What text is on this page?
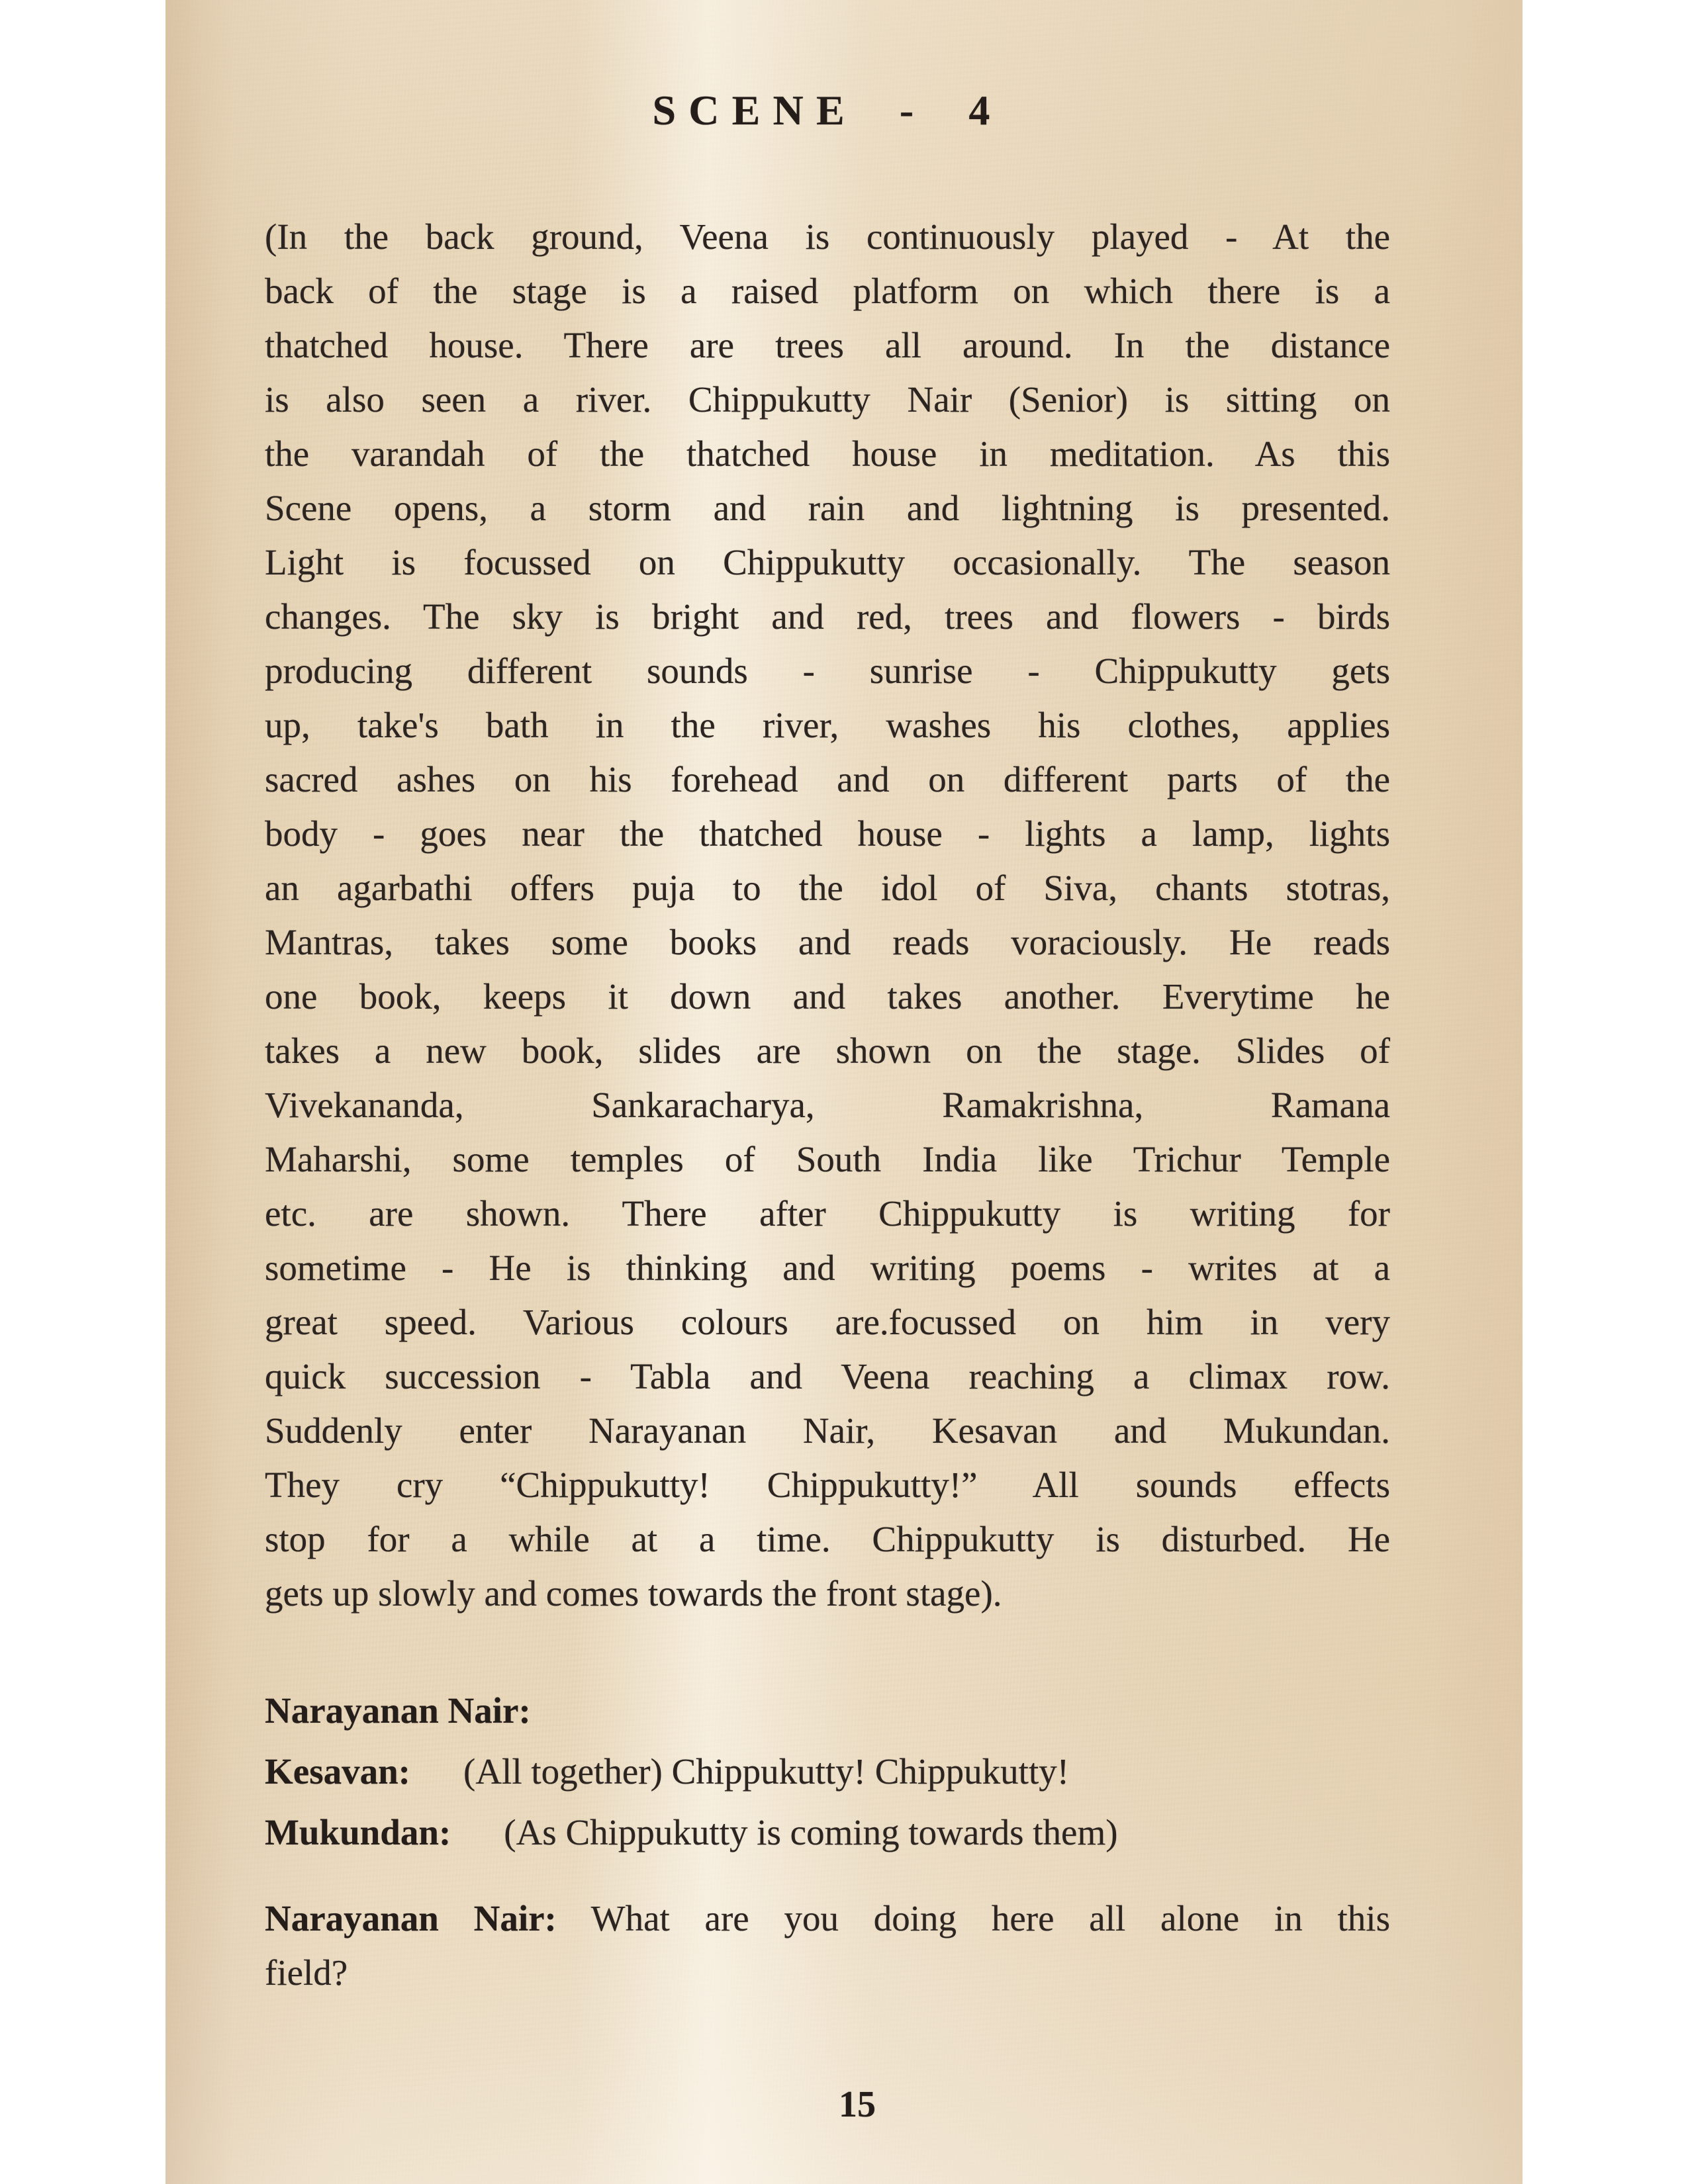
SCENE - 4
(In the back ground, Veena is continuously played - At the
back of the stage is a raised platform on which there is a
thatched house. There are trees all around. In the distance
is also seen a river. Chippukutty Nair (Senior) is sitting on
the varandah of the thatched house in meditation. As this
Scene opens, a storm and rain and lightning is presented.
Light is focussed on Chippukutty occasionally. The season
changes. The sky is bright and red, trees and flowers - birds
producing different sounds - sunrise - Chippukutty gets
up, take's bath in the river, washes his clothes, applies
sacred ashes on his forehead and on different parts of the
body - goes near the thatched house - lights a lamp, lights
an agarbathi offers puja to the idol of Siva, chants stotras,
Mantras, takes some books and reads voraciously. He reads
one book, keeps it down and takes another. Everytime he
takes a new book, slides are shown on the stage. Slides of
Vivekananda, Sankaracharya, Ramakrishna, Ramana
Maharshi, some temples of South India like Trichur Temple
etc. are shown. There after Chippukutty is writing for
sometime - He is thinking and writing poems - writes at a
great speed. Various colours are.focussed on him in very
quick succession - Tabla and Veena reaching a climax row.
Suddenly enter Narayanan Nair, Kesavan and Mukundan.
They cry “Chippukutty! Chippukutty!” All sounds effects
stop for a while at a time. Chippukutty is disturbed. He
gets up slowly and comes towards the front stage).
Narayanan Nair:
Kesavan: (All together) Chippukutty! Chippukutty!
Mukundan: (As Chippukutty is coming towards them)
Narayanan Nair: What are you doing here all alone in this
field?
15
